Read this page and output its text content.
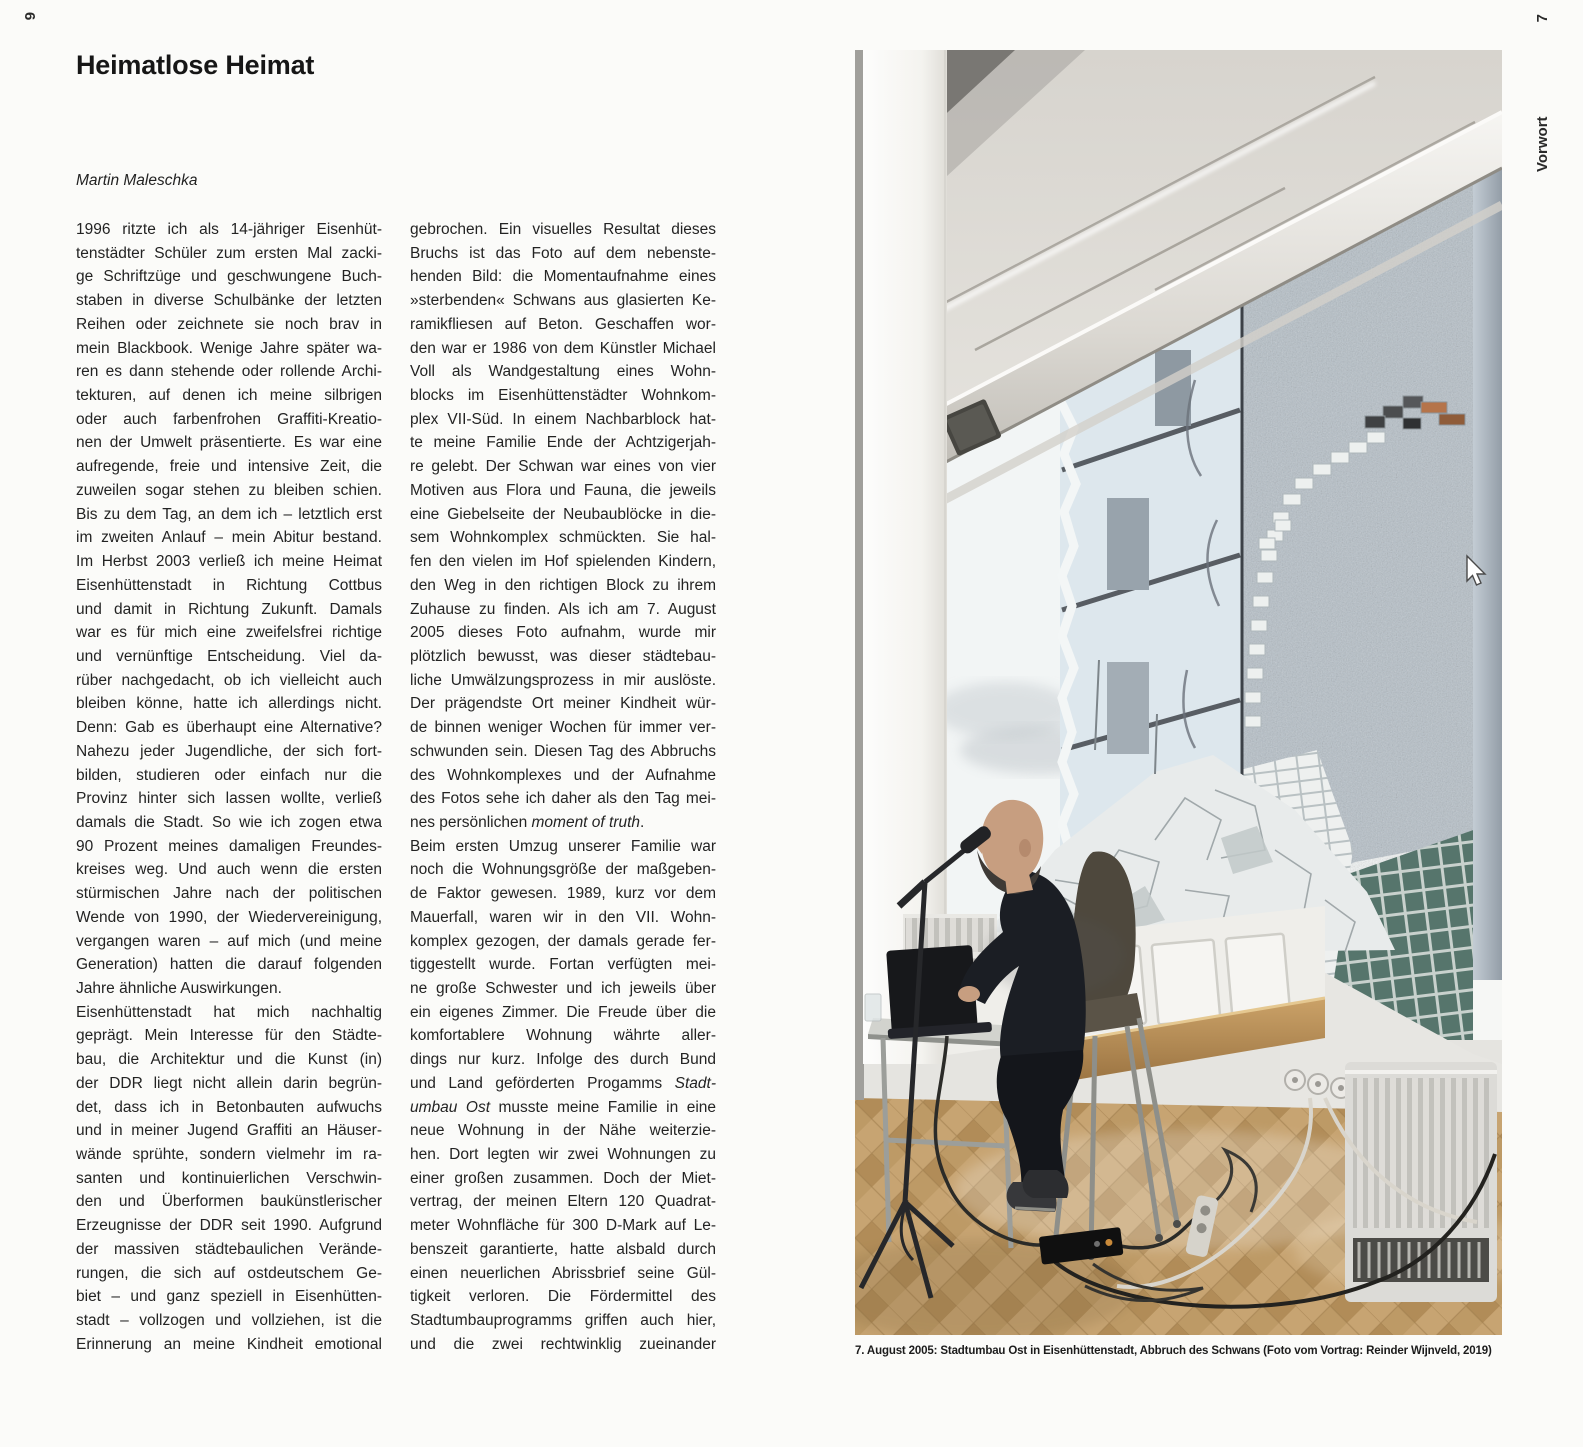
6
Vorwort
7
Heimatlose Heimat
Martin Maleschka
1996 ritzte ich als 14-jähriger Eisenhüt-
tenstädter Schüler zum ersten Mal zacki-
ge Schriftzüge und geschwungene Buch-
staben in diverse Schulbänke der letzten
Reihen oder zeichnete sie noch brav in
mein Blackbook. Wenige Jahre später wa-
ren es dann stehende oder rollende Archi-
tekturen, auf denen ich meine silbrigen
oder auch farbenfrohen Graffiti-Kreatio-
nen der Umwelt präsentierte. Es war eine
aufregende, freie und intensive Zeit, die
zuweilen sogar stehen zu bleiben schien.
Bis zu dem Tag, an dem ich – letztlich erst
im zweiten Anlauf – mein Abitur bestand.
Im Herbst 2003 verließ ich meine Heimat
Eisenhüttenstadt in Richtung Cottbus
und damit in Richtung Zukunft. Damals
war es für mich eine zweifelsfrei richtige
und vernünftige Entscheidung. Viel da-
rüber nachgedacht, ob ich vielleicht auch
bleiben könne, hatte ich allerdings nicht.
Denn: Gab es überhaupt eine Alternative?
Nahezu jeder Jugendliche, der sich fort-
bilden, studieren oder einfach nur die
Provinz hinter sich lassen wollte, verließ
damals die Stadt. So wie ich zogen etwa
90 Prozent meines damaligen Freundes-
kreises weg. Und auch wenn die ersten
stürmischen Jahre nach der politischen
Wende von 1990, der Wiedervereinigung,
vergangen waren – auf mich (und meine
Generation) hatten die darauf folgenden
Jahre ähnliche Auswirkungen.
Eisenhüttenstadt hat mich nachhaltig
geprägt. Mein Interesse für den Städte-
bau, die Architektur und die Kunst (in)
der DDR liegt nicht allein darin begrün-
det, dass ich in Betonbauten aufwuchs
und in meiner Jugend Graffiti an Häuser-
wände sprühte, sondern vielmehr im ra-
santen und kontinuierlichen Verschwin-
den und Überformen baukünstlerischer
Erzeugnisse der DDR seit 1990. Aufgrund
der massiven städtebaulichen Verände-
rungen, die sich auf ostdeutschem Ge-
biet – und ganz speziell in Eisenhütten-
stadt – vollzogen und vollziehen, ist die
Erinnerung an meine Kindheit emotional
gebrochen. Ein visuelles Resultat dieses
Bruchs ist das Foto auf dem nebenste-
henden Bild: die Momentaufnahme eines
»sterbenden« Schwans aus glasierten Ke-
ramikfliesen auf Beton. Geschaffen wor-
den war er 1986 von dem Künstler Michael
Voll als Wandgestaltung eines Wohn-
blocks im Eisenhüttenstädter Wohnkom-
plex VII-Süd. In einem Nachbarblock hat-
te meine Familie Ende der Achtzigerjah-
re gelebt. Der Schwan war eines von vier
Motiven aus Flora und Fauna, die jeweils
eine Giebelseite der Neubaublöcke in die-
sem Wohnkomplex schmückten. Sie hal-
fen den vielen im Hof spielenden Kindern,
den Weg in den richtigen Block zu ihrem
Zuhause zu finden. Als ich am 7. August
2005 dieses Foto aufnahm, wurde mir
plötzlich bewusst, was dieser städtebau-
liche Umwälzungsprozess in mir auslöste.
Der prägendste Ort meiner Kindheit wür-
de binnen weniger Wochen für immer ver-
schwunden sein. Diesen Tag des Abbruchs
des Wohnkomplexes und der Aufnahme
des Fotos sehe ich daher als den Tag mei-
nes persönlichen moment of truth.
Beim ersten Umzug unserer Familie war
noch die Wohnungsgröße der maßgeben-
de Faktor gewesen. 1989, kurz vor dem
Mauerfall, waren wir in den VII. Wohn-
komplex gezogen, der damals gerade fer-
tiggestellt wurde. Fortan verfügten mei-
ne große Schwester und ich jeweils über
ein eigenes Zimmer. Die Freude über die
komfortablere Wohnung währte aller-
dings nur kurz. Infolge des durch Bund
und Land geförderten Progamms Stadt-
umbau Ost musste meine Familie in eine
neue Wohnung in der Nähe weiterzie-
hen. Dort legten wir zwei Wohnungen zu
einer großen zusammen. Doch der Miet-
vertrag, der meinen Eltern 120 Quadrat-
meter Wohnfläche für 300 D-Mark auf Le-
benszeit garantierte, hatte alsbald durch
einen neuerlichen Abrissbrief seine Gül-
tigkeit verloren. Die Fördermittel des
Stadtumbauprogramms griffen auch hier,
und die zwei rechtwinklig zueinander	7. August 2005: Stadtumbau Ost in Eisenhüttenstadt, Abbruch des Schwans (Foto vom Vortrag: Reinder Wijnveld, 2019)
